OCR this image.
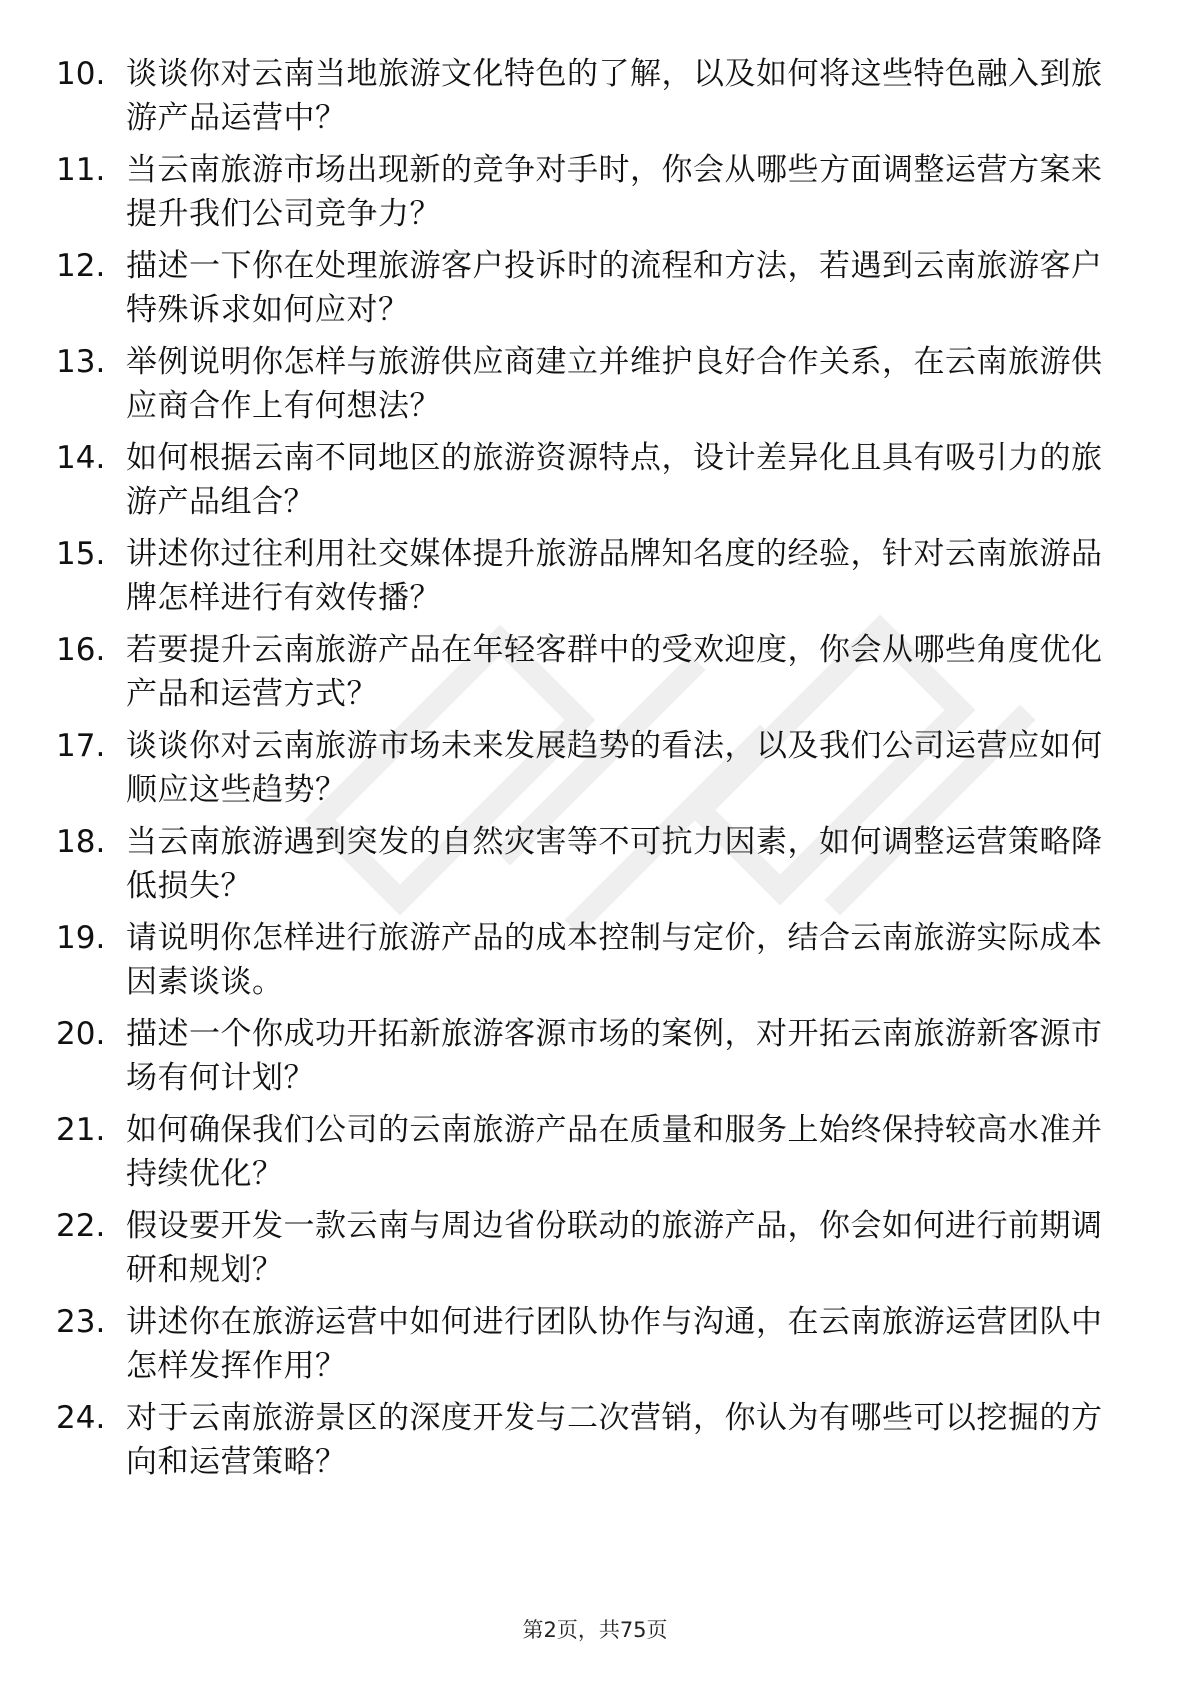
10. 谈谈你对云南当地旅游文化特色的了解，以及如何将这些特色融入到旅游产品运营中？
11. 当云南旅游市场出现新的竞争对手时，你会从哪些方面调整运营方案来提升我们公司竞争力？
12. 描述一下你在处理旅游客户投诉时的流程和方法，若遇到云南旅游客户特殊诉求如何应对？
13. 举例说明你怎样与旅游供应商建立并维护良好合作关系，在云南旅游供应商合作上有何想法？
14. 如何根据云南不同地区的旅游资源特点，设计差异化且具有吸引力的旅游产品组合？
15. 讲述你过往利用社交媒体提升旅游品牌知名度的经验，针对云南旅游品牌怎样进行有效传播？
16. 若要提升云南旅游产品在年轻客群中的受欢迎度，你会从哪些角度优化产品和运营方式？
17. 谈谈你对云南旅游市场未来发展趋势的看法，以及我们公司运营应如何顺应这些趋势？
18. 当云南旅游遇到突发的自然灾害等不可抗力因素，如何调整运营策略降低损失？
19. 请说明你怎样进行旅游产品的成本控制与定价，结合云南旅游实际成本因素谈谈。
20. 描述一个你成功开拓新旅游客源市场的案例，对开拓云南旅游新客源市场有何计划？
21. 如何确保我们公司的云南旅游产品在质量和服务上始终保持较高水准并持续优化？
22. 假设要开发一款云南与周边省份联动的旅游产品，你会如何进行前期调研和规划？
23. 讲述你在旅游运营中如何进行团队协作与沟通，在云南旅游运营团队中怎样发挥作用？
24. 对于云南旅游景区的深度开发与二次营销，你认为有哪些可以挖掘的方向和运营策略？
第2页，共75页
